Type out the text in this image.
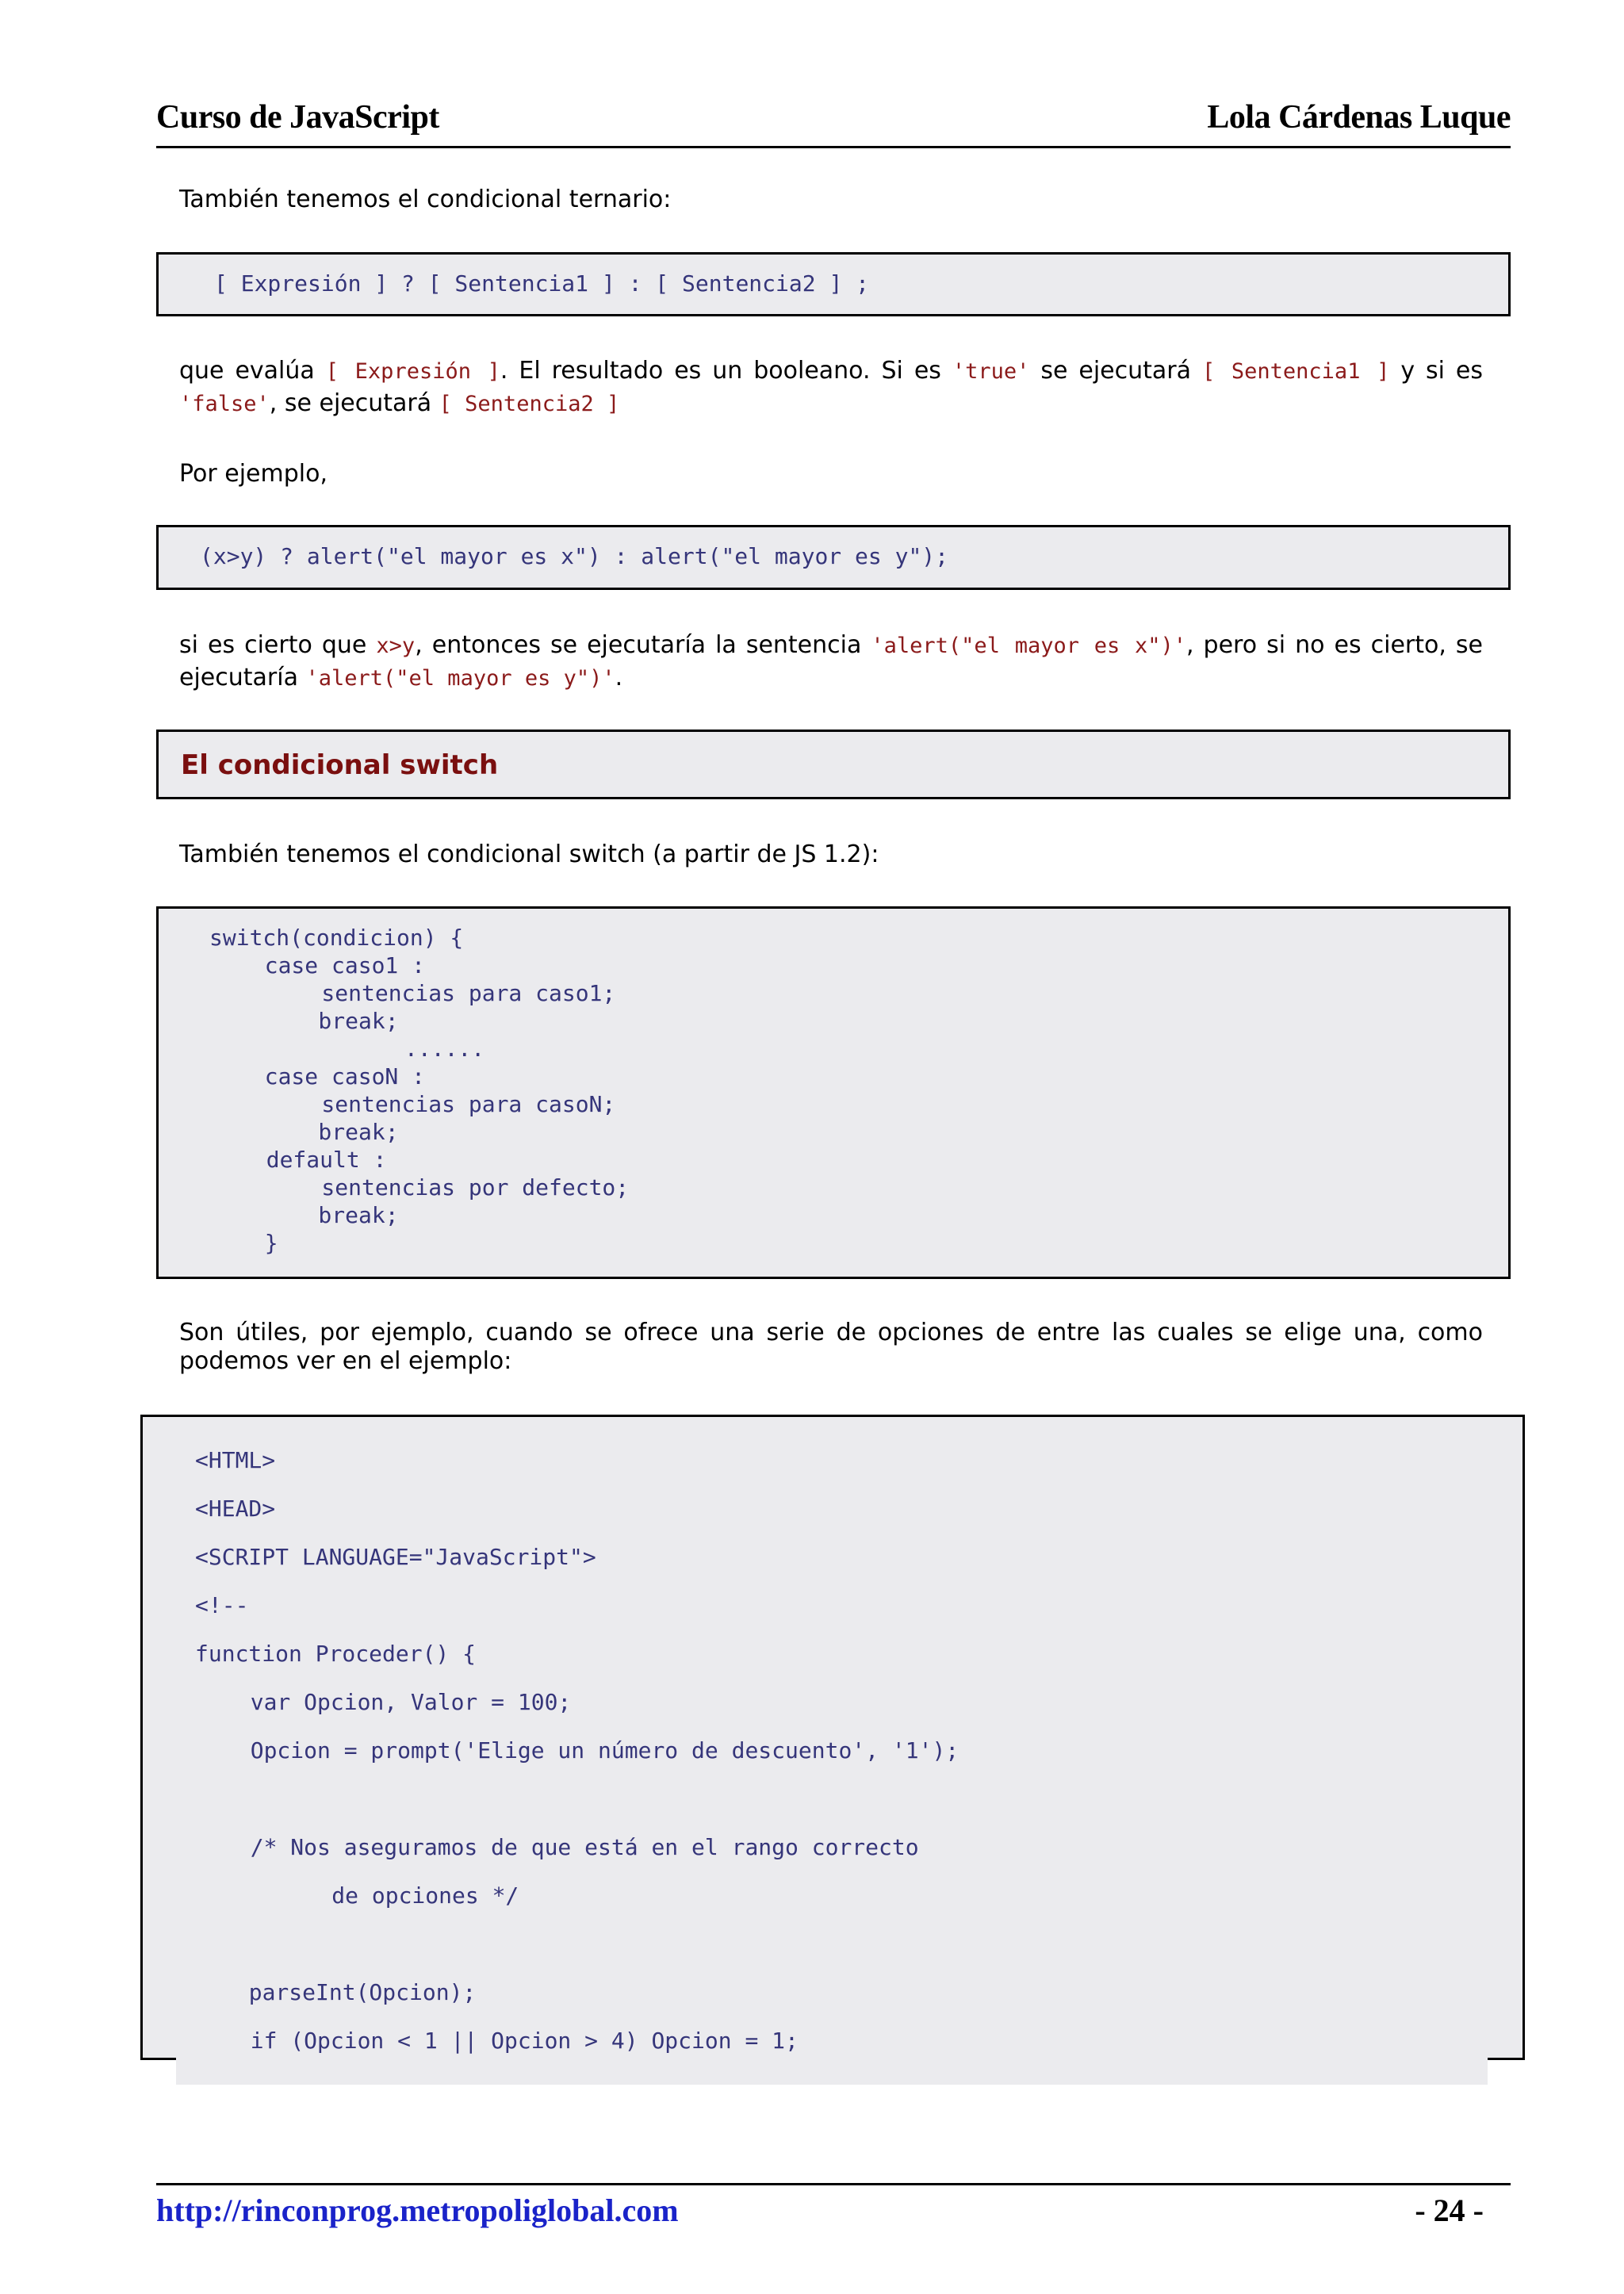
Curso de JavaScript	Lola Cárdenas Luque
También tenemos el condicional ternario:
[ Expresión ] ? [ Sentencia1 ] : [ Sentencia2 ] ;
que evalúa [ Expresión ]. El resultado es un booleano. Si es 'true' se ejecutará [ Sentencia1 ] y si es 'false', se ejecutará [ Sentencia2 ]
Por ejemplo,
(x>y) ? alert("el mayor es x") : alert("el mayor es y");
si es cierto que x>y, entonces se ejecutaría la sentencia 'alert("el mayor es x")', pero si no es cierto, se ejecutaría 'alert("el mayor es y")'.
El condicional switch
También tenemos el condicional switch (a partir de JS 1.2):
switch(condicion) {
case caso1 :
sentencias para caso1;
break;
......
case casoN :
sentencias para casoN;
break;
default :
sentencias por defecto;
break;
}
Son útiles, por ejemplo, cuando se ofrece una serie de opciones de entre las cuales se elige una, como podemos ver en el ejemplo:
<HTML>
<HEAD>
<SCRIPT LANGUAGE="JavaScript">
<!--
function Proceder() {
var Opcion, Valor = 100;
Opcion = prompt('Elige un número de descuento', '1');
/* Nos aseguramos de que está en el rango correcto
de opciones */
parseInt(Opcion);
if (Opcion < 1 || Opcion > 4) Opcion = 1;
http://rinconprog.metropoliglobal.com	- 24 -
